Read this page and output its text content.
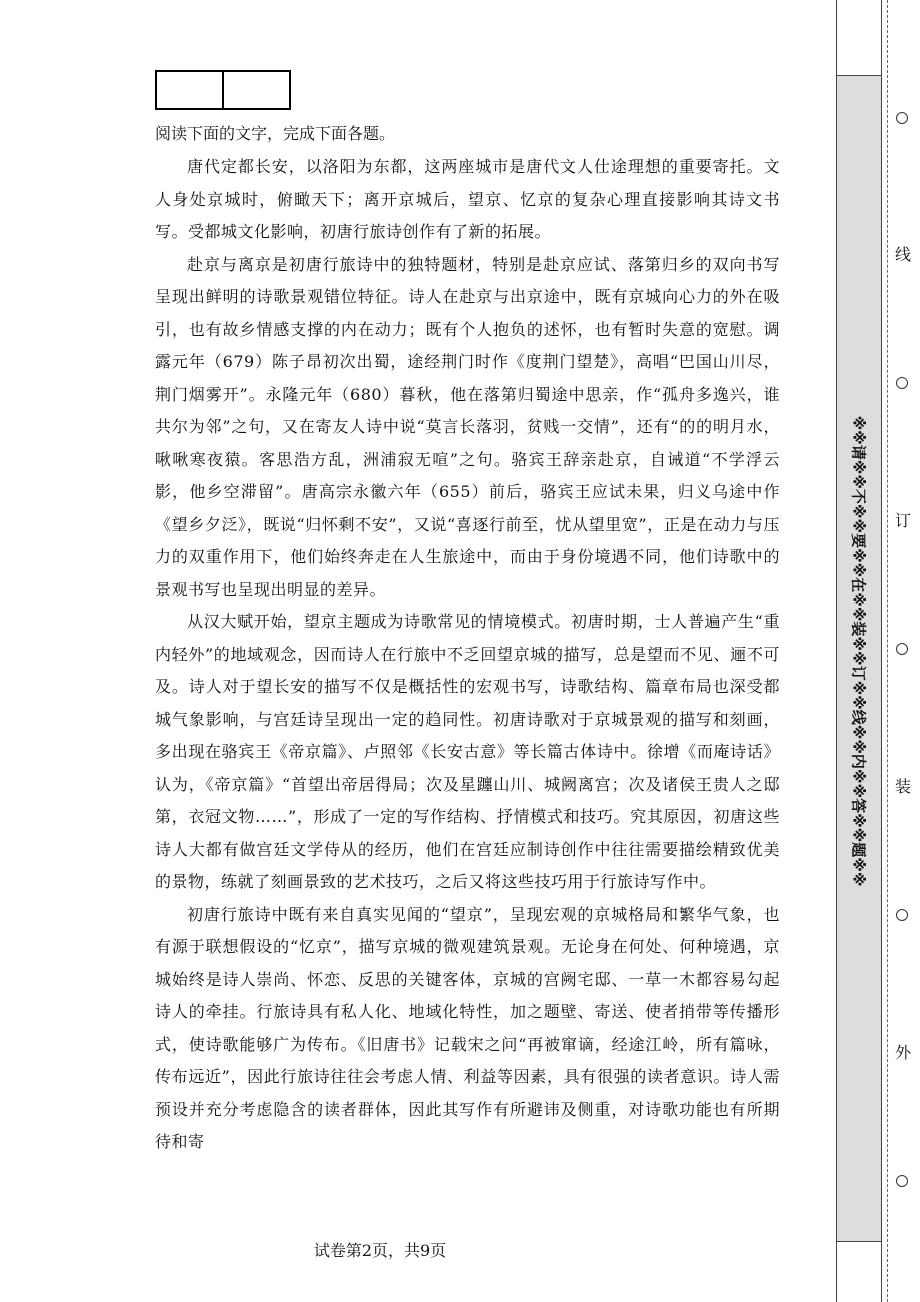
阅读下面的文字，完成下面各题。

唐代定都长安，以洛阳为东都，这两座城市是唐代文人仕途理想的重要寄托。文人身处京城时，俯瞰天下；离开京城后，望京、忆京的复杂心理直接影响其诗文书写。受都城文化影响，初唐行旅诗创作有了新的拓展。

赴京与离京是初唐行旅诗中的独特题材，特别是赴京应试、落第归乡的双向书写呈现出鲜明的诗歌景观错位特征。诗人在赴京与出京途中，既有京城向心力的外在吸引，也有故乡情感支撑的内在动力；既有个人抱负的述怀，也有暂时失意的宽慰。调露元年（679）陈子昂初次出蜀，途经荆门时作《度荆门望楚》，高唱“巴国山川尽，荆门烟雾开”。永隆元年（680）暮秋，他在落第归蜀途中思亲，作“孤舟多逸兴，谁共尔为邻”之句，又在寄友人诗中说“莫言长落羽，贫贱一交情”，还有“的的明月水，啾啾寒夜猿。客思浩方乱，洲浦寂无喧”之句。骆宾王辞亲赴京，自诫道“不学浮云影，他乡空滞留”。唐高宗永徽六年（655）前后，骆宾王应试未果，归义乌途中作《望乡夕泛》，既说“归怀剩不安”，又说“喜逐行前至，忧从望里宽”，正是在动力与压力的双重作用下，他们始终奔走在人生旅途中，而由于身份境遇不同，他们诗歌中的景观书写也呈现出明显的差异。

从汉大赋开始，望京主题成为诗歌常见的情境模式。初唐时期，士人普遍产生“重内轻外”的地域观念，因而诗人在行旅中不乏回望京城的描写，总是望而不见、逦不可及。诗人对于望长安的描写不仅是概括性的宏观书写，诗歌结构、篇章布局也深受都城气象影响，与宫廷诗呈现出一定的趋同性。初唐诗歌对于京城景观的描写和刻画，多出现在骆宾王《帝京篇》、卢照邻《长安古意》等长篇古体诗中。徐增《而庵诗话》认为，《帝京篇》“首望出帝居得局；次及星躔山川、城阙离宫；次及诸侯王贵人之邸第，衣冠文物……”，形成了一定的写作结构、抒情模式和技巧。究其原因，初唐这些诗人大都有做宫廷文学侍从的经历，他们在宫廷应制诗创作中往往需要描绘精致优美的景物，练就了刻画景致的艺术技巧，之后又将这些技巧用于行旅诗写作中。

初唐行旅诗中既有来自真实见闻的“望京”，呈现宏观的京城格局和繁华气象，也有源于联想假设的“忆京”，描写京城的微观建筑景观。无论身在何处、何种境遇，京城始终是诗人崇尚、怀恋、反思的关键客体，京城的宫阙宅邸、一草一木都容易勾起诗人的牵挂。行旅诗具有私人化、地域化特性，加之题壁、寄送、使者捎带等传播形式，使诗歌能够广为传布。《旧唐书》记载宋之问“再被窜谪，经途江岭，所有篇咏，传布远近”，因此行旅诗往往会考虑人情、利益等因素，具有很强的读者意识。诗人需预设并充分考虑隐含的读者群体，因此其写作有所避讳及侧重，对诗歌功能也有所期待和寄

试卷第2页，共9页
※※请※※不※※要※※在※※装※※订※※线※※内※※答※※题※※
线
订
装
外
